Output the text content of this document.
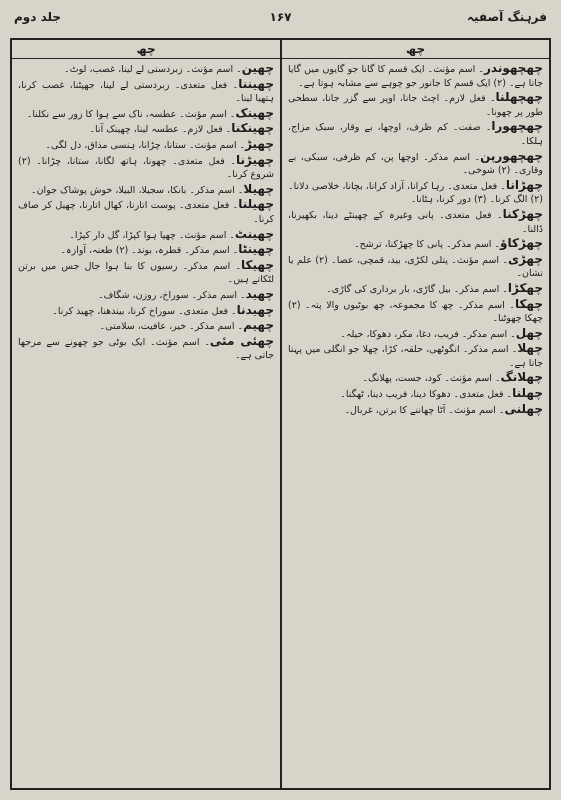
فرہنگ آصفیہ
۱۶۷
جلد دوم
چھ
چھ

چھچھوندر۔ اسم مؤنث۔ ایک قسم کا گانا جو گایوں میں گایا جاتا ہے۔ (۲) ایک قسم کا جانور جو چوہے سے مشابہ ہوتا ہے۔

چھچھلنا۔ فعل لازم۔ اچٹ جانا، اوپر سے گزر جانا، سطحی طور پر چھونا۔

چھچھورا۔ صفت۔ کم ظرف، اوچھا، بے وقار، سبک مزاج، ہلکا۔

چھچھورپن۔ اسم مذکر۔ اوچھا پن، کم ظرفی، سبکی، بے وقاری۔ (۲) شوخی۔

چھڑانا۔ فعل متعدی۔ رہا کرانا، آزاد کرانا، بچانا، خلاصی دلانا۔ (۲) الگ کرنا۔ (۳) دور کرنا، ہٹانا۔

چھڑکنا۔ فعل متعدی۔ پانی وغیرہ کے چھینٹے دینا، بکھیرنا، ڈالنا۔

چھڑکاؤ۔ اسم مذکر۔ پانی کا چھڑکنا، ترشح۔

چھڑی۔ اسم مؤنث۔ پتلی لکڑی، بید، قمچی، عصا۔ (۲) علم یا نشان۔

چھکڑا۔ اسم مذکر۔ بیل گاڑی، بار برداری کی گاڑی۔

چھکا۔ اسم مذکر۔ چھ کا مجموعہ، چھ بوٹیوں والا پتہ۔ (۲) چھکا چھوٹنا۔

چھل۔ اسم مذکر۔ فریب، دغا، مکر، دھوکا، حیلہ۔

چھلا۔ اسم مذکر۔ انگوٹھی، حلقہ، کڑا، چھلا جو انگلی میں پہنا جاتا ہے۔

چھلانگ۔ اسم مؤنث۔ کود، جست، پھلانگ۔

چھلنا۔ فعل متعدی۔ دھوکا دینا، فریب دینا، ٹھگنا۔

چھلنی۔ اسم مؤنث۔ آٹا چھاننے کا برتن، غربال۔

چھین۔ اسم مؤنث۔ زبردستی لے لینا، غصب، لوٹ۔

چھیننا۔ فعل متعدی۔ زبردستی لے لینا، جھپٹنا، غصب کرنا، ہتھیا لینا۔

چھینک۔ اسم مؤنث۔ عطسہ، ناک سے ہوا کا زور سے نکلنا۔

چھینکنا۔ فعل لازم۔ عطسہ لینا، چھینک آنا۔

چھیڑ۔ اسم مؤنث۔ ستانا، چڑانا، ہنسی مذاق، دل لگی۔

چھیڑنا۔ فعل متعدی۔ چھونا، ہاتھ لگانا، ستانا، چڑانا۔ (۲) شروع کرنا۔

چھیلا۔ اسم مذکر۔ بانکا، سجیلا، البیلا، خوش پوشاک جوان۔

چھیلنا۔ فعل متعدی۔ پوست اتارنا، کھال اتارنا، چھیل کر صاف کرنا۔

چھینٹ۔ اسم مؤنث۔ چھپا ہوا کپڑا، گل دار کپڑا۔

چھینٹا۔ اسم مذکر۔ قطرہ، بوند۔ (۲) طعنہ، آوازہ۔

چھیکا۔ اسم مذکر۔ رسیوں کا بنا ہوا جال جس میں برتن لٹکاتے ہیں۔

چھید۔ اسم مذکر۔ سوراخ، روزن، شگاف۔

چھیدنا۔ فعل متعدی۔ سوراخ کرنا، بیندھنا، چھید کرنا۔

چھیم۔ اسم مذکر۔ خیر، عافیت، سلامتی۔

چھئی مئی۔ اسم مؤنث۔ ایک بوٹی جو چھونے سے مرجھا جاتی ہے۔
